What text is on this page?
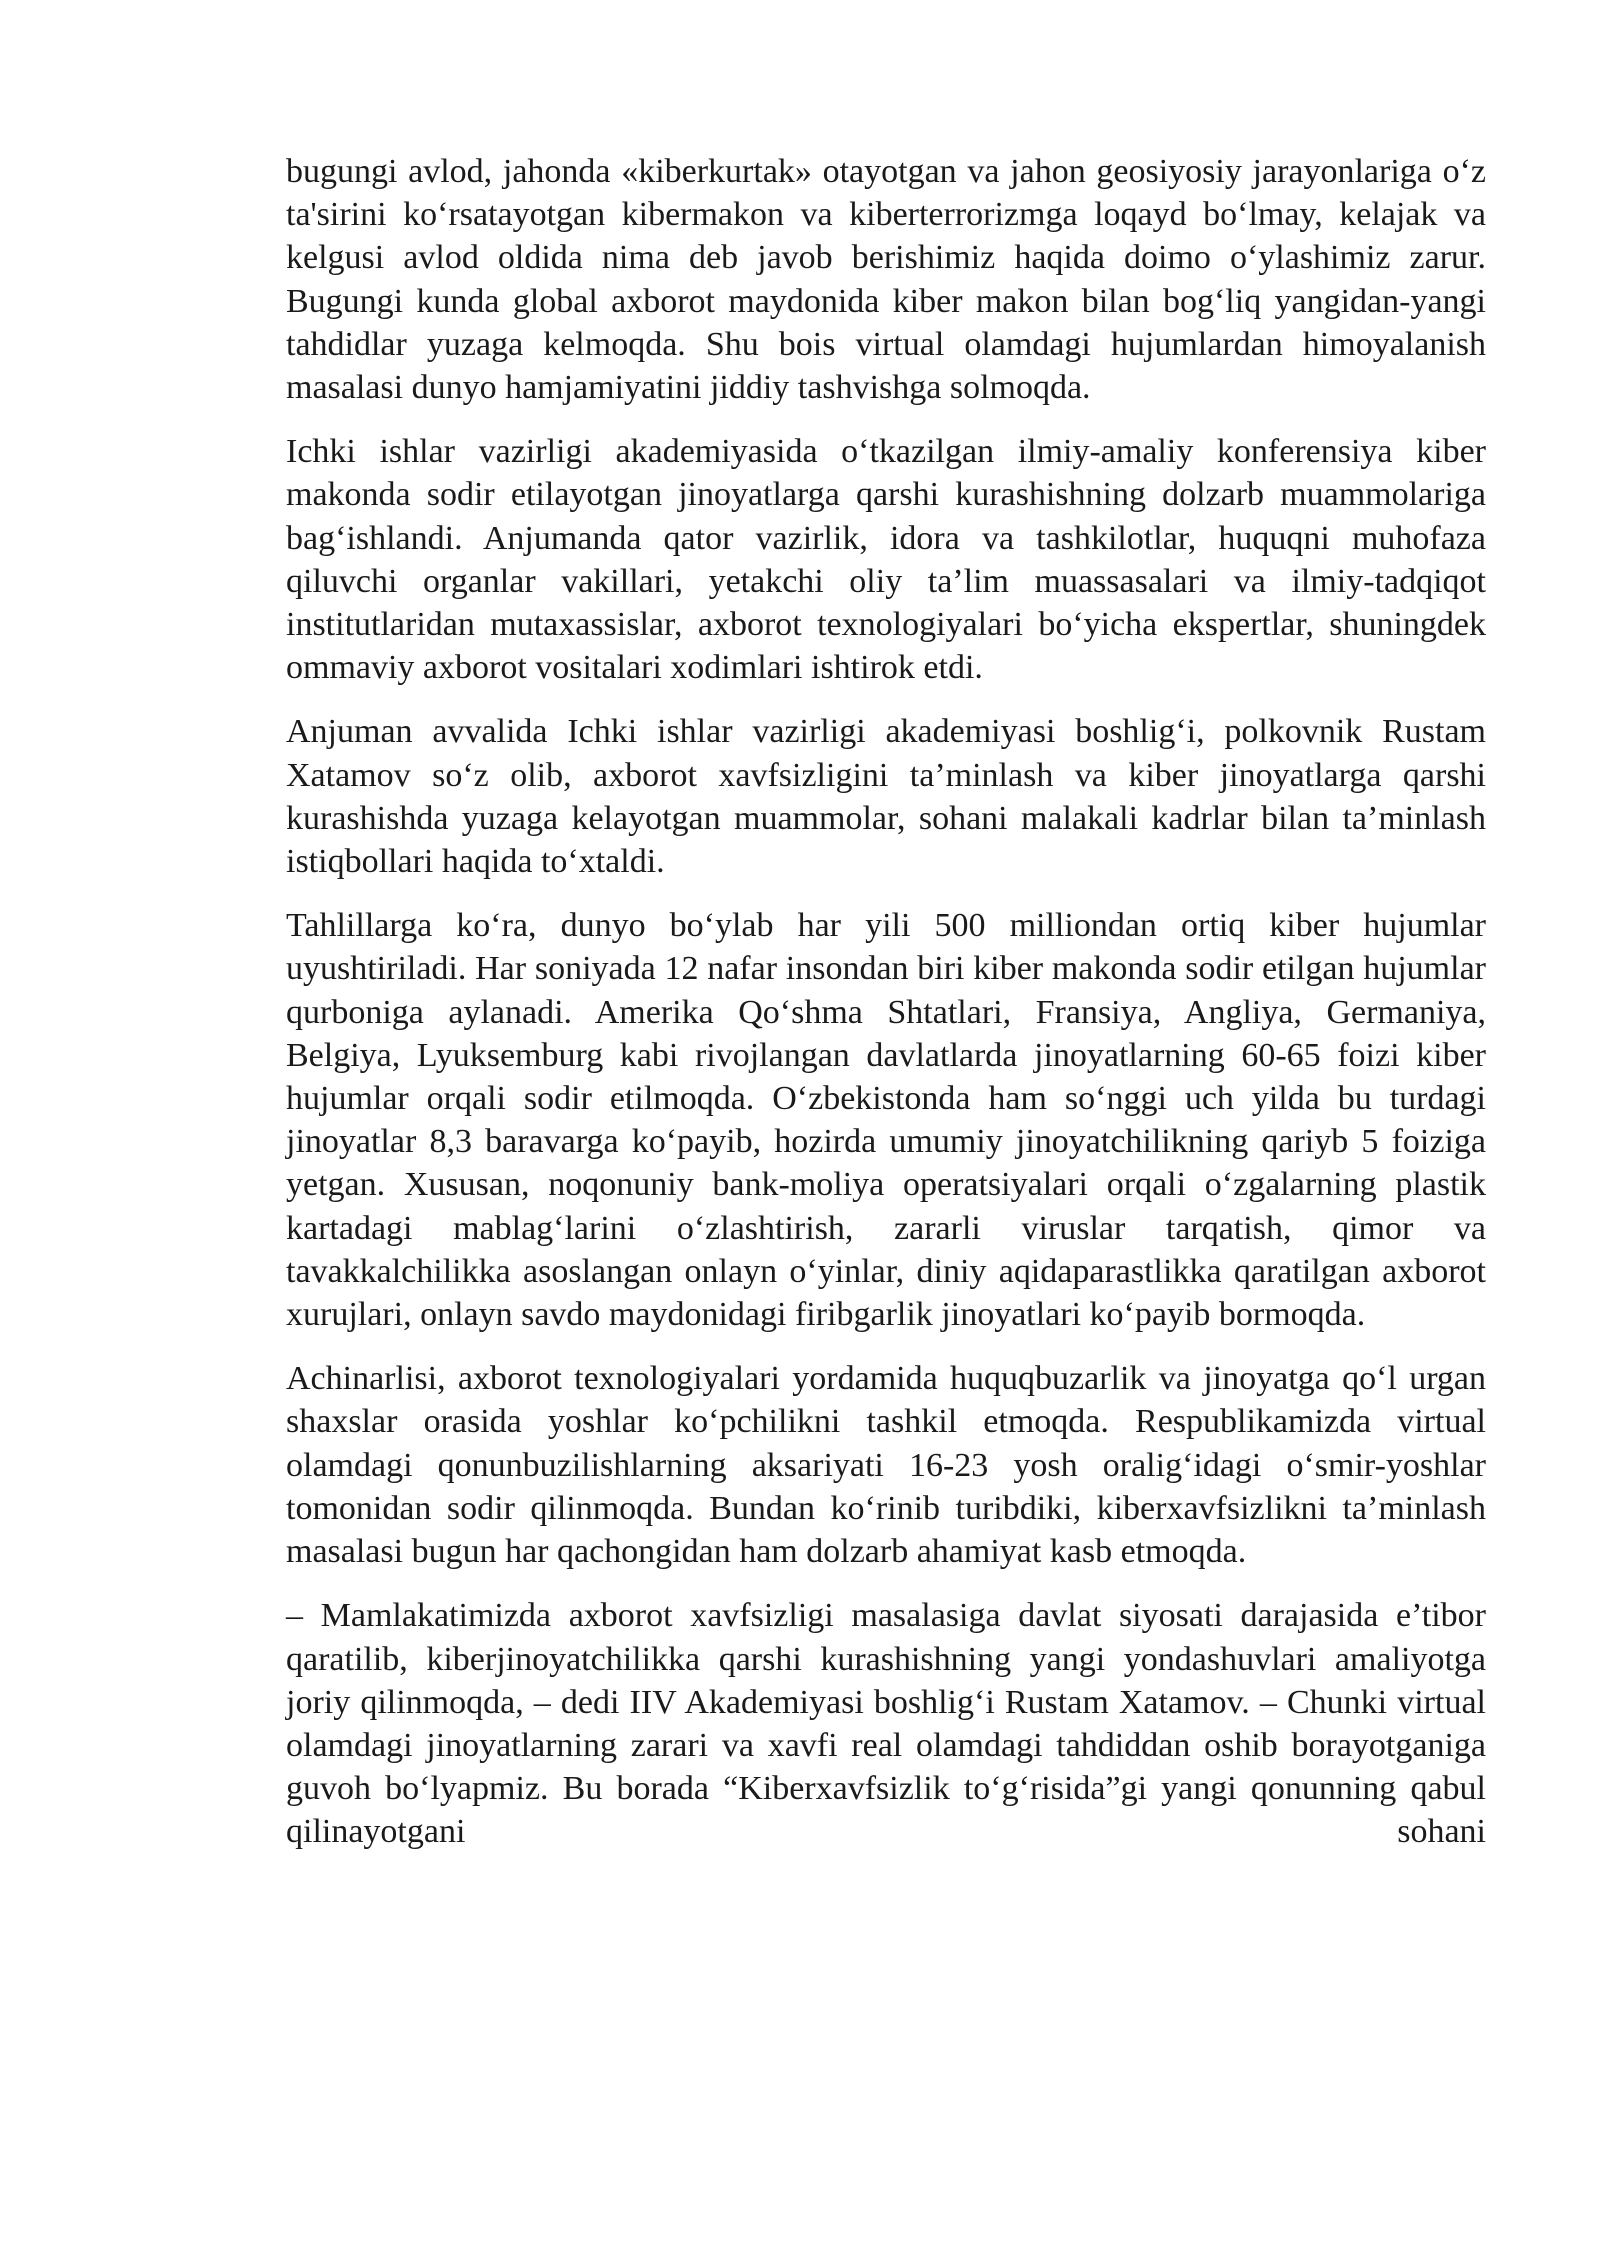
bugungi avlod, jahonda «kiberkurtak» otayotgan va jahon geosiyosiy jarayonlariga oʻz ta'sirini koʻrsatayotgan kibermakon va kiberterrorizmga loqayd boʻlmay, kelajak va kelgusi avlod oldida nima deb javob berishimiz haqida doimo oʻylashimiz zarur. Bugungi kunda global axborot maydonida kiber makon bilan bogʻliq yangidan-yangi tahdidlar yuzaga kelmoqda. Shu bois virtual olamdagi hujumlardan himoyalanish masalasi dunyo hamjamiyatini jiddiy tashvishga solmoqda.

Ichki ishlar vazirligi akademiyasida oʻtkazilgan ilmiy-amaliy konferensiya kiber makonda sodir etilayotgan jinoyatlarga qarshi kurashishning dolzarb muammolariga bagʻishlandi. Anjumanda qator vazirlik, idora va tashkilotlar, huquqni muhofaza qiluvchi organlar vakillari, yetakchi oliy ta’lim muassasalari va ilmiy-tadqiqot institutlaridan mutaxassislar, axborot texnologiyalari boʻyicha ekspertlar, shuningdek ommaviy axborot vositalari xodimlari ishtirok etdi.

Anjuman avvalida Ichki ishlar vazirligi akademiyasi boshligʻi, polkovnik Rustam Xatamov soʻz olib, axborot xavfsizligini ta’minlash va kiber jinoyatlarga qarshi kurashishda yuzaga kelayotgan muammolar, sohani malakali kadrlar bilan ta’minlash istiqbollari haqida toʻxtaldi.

Tahlillarga koʻra, dunyo boʻylab har yili 500 milliondan ortiq kiber hujumlar uyushtiriladi. Har soniyada 12 nafar insondan biri kiber makonda sodir etilgan hujumlar qurboniga aylanadi. Amerika Qoʻshma Shtatlari, Fransiya, Angliya, Germaniya, Belgiya, Lyuksemburg kabi rivojlangan davlatlarda jinoyatlarning 60-65 foizi kiber hujumlar orqali sodir etilmoqda. Oʻzbekistonda ham soʻnggi uch yilda bu turdagi jinoyatlar 8,3 baravarga koʻpayib, hozirda umumiy jinoyatchilikning qariyb 5 foiziga yetgan. Xususan, noqonuniy bank-moliya operatsiyalari orqali oʻzgalarning plastik kartadagi mablagʻlarini oʻzlashtirish, zararli viruslar tarqatish, qimor va tavakkalchilikka asoslangan onlayn oʻyinlar, diniy aqidaparastlikka qaratilgan axborot xurujlari, onlayn savdo maydonidagi firibgarlik jinoyatlari koʻpayib bormoqda.

Achinarlisi, axborot texnologiyalari yordamida huquqbuzarlik va jinoyatga qoʻl urgan shaxslar orasida yoshlar koʻpchilikni tashkil etmoqda. Respublikamizda virtual olamdagi qonunbuzilishlarning aksariyati 16-23 yosh oraligʻidagi oʻsmir-yoshlar tomonidan sodir qilinmoqda. Bundan koʻrinib turibdiki, kiberxavfsizlikni ta’minlash masalasi bugun har qachongidan ham dolzarb ahamiyat kasb etmoqda.

– Mamlakatimizda axborot xavfsizligi masalasiga davlat siyosati darajasida e’tibor qaratilib, kiberjinoyatchilikka qarshi kurashishning yangi yondashuvlari amaliyotga joriy qilinmoqda, – dedi IIV Akademiyasi boshligʻi Rustam Xatamov. – Chunki virtual olamdagi jinoyatlarning zarari va xavfi real olamdagi tahdiddan oshib borayotganiga guvoh boʻlyapmiz. Bu borada “Kiberxavfsizlik toʻgʻrisida”gi yangi qonunning qabul qilinayotgani sohani
